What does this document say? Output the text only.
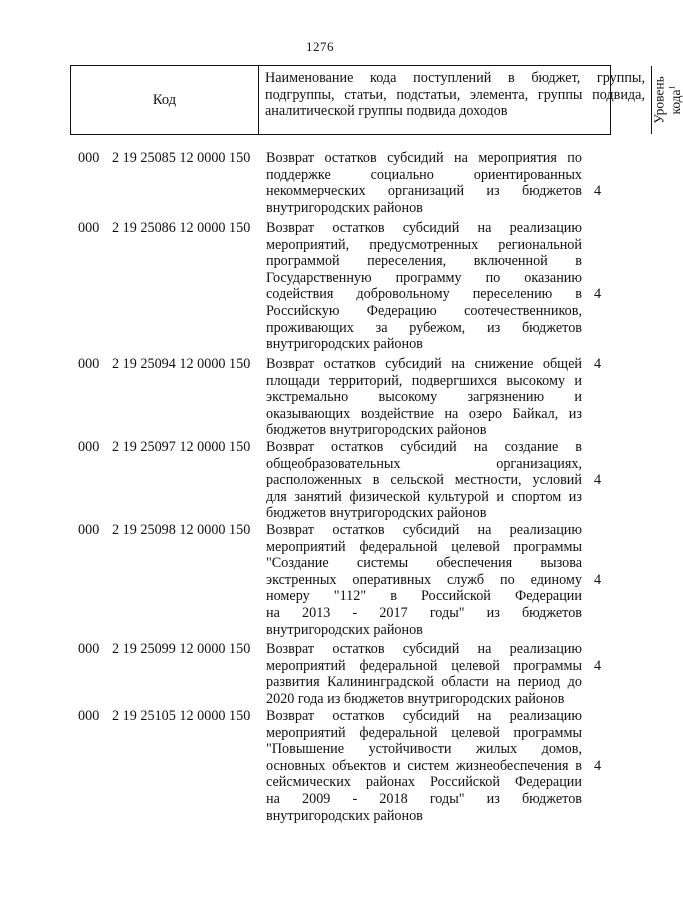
1276
Код
Наименование кода поступлений в бюджет, группы, подгруппы, статьи, подстатьи, элемента, группы подвида, аналитической группы подвида доходов	Уровень кода$^1$
000 2 19 25085 12 0000 150 Возврат остатков субсидий на мероприятия по
поддержке социально ориентированных
некоммерческих организаций из бюджетов
внутригородских районов
4
000 2 19 25086 12 0000 150 Возврат остатков субсидий на реализацию
мероприятий, предусмотренных региональной
программой переселения, включенной в
Государственную программу по оказанию
содействия добровольному переселению в
Российскую Федерацию соотечественников,
проживающих за рубежом, из бюджетов
внутригородских районов
4
000 2 19 25094 12 0000 150 Возврат остатков субсидий на снижение общей
площади территорий, подвергшихся высокому и
экстремально высокому загрязнению и
оказывающих воздействие на озеро Байкал, из
бюджетов внутригородских районов
4
000 2 19 25097 12 0000 150 Возврат остатков субсидий на создание в
общеобразовательных организациях,
расположенных в сельской местности, условий
для занятий физической культурой и спортом из
бюджетов внутригородских районов
4
000 2 19 25098 12 0000 150 Возврат остатков субсидий на реализацию
мероприятий федеральной целевой программы
"Создание системы обеспечения вызова
экстренных оперативных служб по единому
номеру "112" в Российской Федерации
на 2013 - 2017 годы" из бюджетов
внутригородских районов
4
000 2 19 25099 12 0000 150 Возврат остатков субсидий на реализацию
мероприятий федеральной целевой программы
развития Калининградской области на период до
2020 года из бюджетов внутригородских районов
4
000 2 19 25105 12 0000 150 Возврат остатков субсидий на реализацию
мероприятий федеральной целевой программы
"Повышение устойчивости жилых домов,
основных объектов и систем жизнеобеспечения в
сейсмических районах Российской Федерации
на 2009 - 2018 годы" из бюджетов
внутригородских районов
4
